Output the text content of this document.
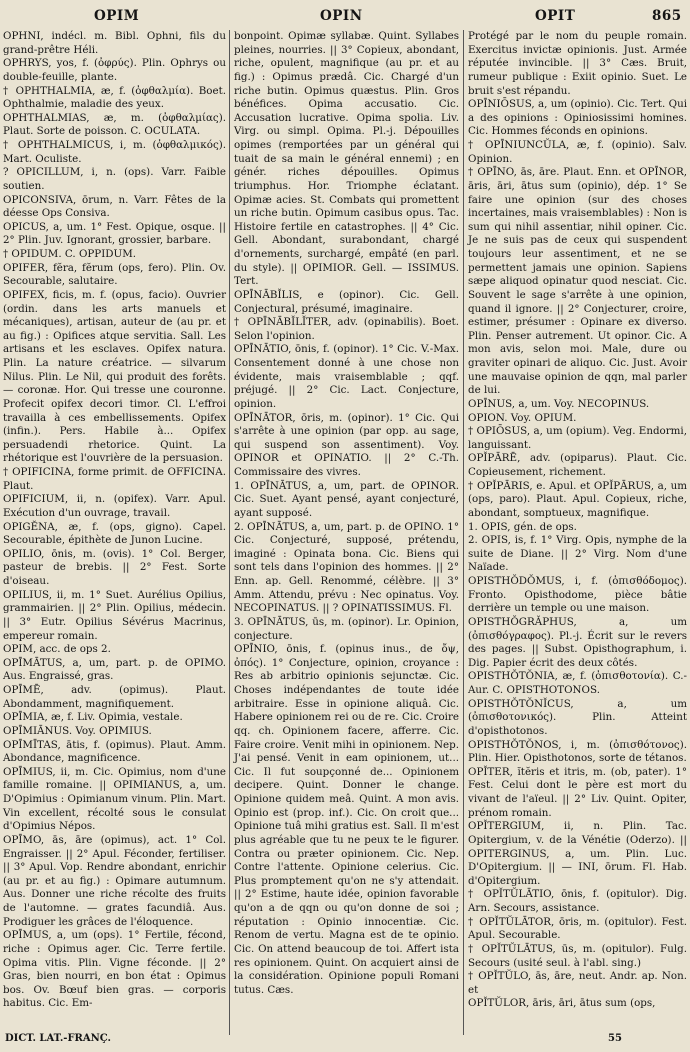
OPIM	OPIN	OPIT	865

OPHNI, indécl. m. Bibl. Ophni, fils du grand-prêtre Héli.

OPHRYS, yos, f. (ὀφρύς). Plin. Ophrys ou double-feuille, plante.

† OPHTHALMIA, æ, f. (ὀφθαλμία). Boet. Ophthalmie, maladie des yeux.

OPHTHALMIAS, æ, m. (ὀφθαλμίας). Plaut. Sorte de poisson. C. OCULATA.

† OPHTHALMICUS, i, m. (ὀφθαλμικός). Mart. Oculiste.

? OPICILLUM, i, n. (ops). Varr. Faible soutien.

OPICONSIVA, ōrum, n. Varr. Fêtes de la déesse Ops Consiva.

OPICUS, a, um. 1° Fest. Opique, osque. || 2° Plin. Juv. Ignorant, grossier, barbare.

† OPIDUM. C. OPPIDUM.

OPIFER, fĕra, fĕrum (ops, fero). Plin. Ov. Secourable, salutaire.

OPIFEX, ficis, m. f. (opus, facio). Ouvrier (ordin. dans les arts manuels et mécaniques), artisan, auteur de (au pr. et au fig.) : Opifices atque servitia. Sall. Les artisans et les esclaves. Opifex natura. Plin. La nature créatrice. — silvarum Nilus. Plin. Le Nil, qui produit des forêts. — coronæ. Hor. Qui tresse une couronne. Profecit opifex decori timor. Cl. L'effroi travailla à ces embellissements. Opifex (infin.). Pers. Habile à... Opifex persuadendi rhetorice. Quint. La rhétorique est l'ouvrière de la persuasion.

† OPIFICINA, forme primit. de OFFICINA. Plaut.

OPIFICIUM, ii, n. (opifex). Varr. Apul. Exécution d'un ouvrage, travail.

OPIGĔNA, æ, f. (ops, gigno). Capel. Secourable, épithète de Junon Lucine.

OPILIO, ōnis, m. (ovis). 1° Col. Berger, pasteur de brebis. || 2° Fest. Sorte d'oiseau.

OPILIUS, ii, m. 1° Suet. Aurélius Opilius, grammairien. || 2° Plin. Opilius, médecin. || 3° Eutr. Opilius Sévérus Macrinus, empereur romain.

OPIM, acc. de ops 2.

OPĪMĀTUS, a, um, part. p. de OPIMO. Aus. Engraissé, gras.

OPĪMĒ, adv. (opimus). Plaut. Abondamment, magnifiquement.

OPĪMIA, æ, f. Liv. Opimia, vestale.

OPĪMIĀNUS. Voy. OPIMIUS.

OPĪMĪTAS, ātis, f. (opimus). Plaut. Amm. Abondance, magnificence.

OPĪMIUS, ii, m. Cic. Opimius, nom d'une famille romaine. || OPIMIANUS, a, um. D'Opimius : Opimianum vinum. Plin. Mart. Vin excellent, récolté sous le consulat d'Opimius Népos.

OPĪMO, ās, āre (opimus), act. 1° Col. Engraisser. || 2° Apul. Féconder, fertiliser. || 3° Apul. Vop. Rendre abondant, enrichir (au pr. et au fig.) : Opimare autumnum. Aus. Donner une riche récolte des fruits de l'automne. — grates facundiâ. Aus. Prodiguer les grâces de l'éloquence.

OPĪMUS, a, um (ops). 1° Fertile, fécond, riche : Opimus ager. Cic. Terre fertile. Opima vitis. Plin. Vigne féconde. || 2° Gras, bien nourri, en bon état : Opimus bos. Ov. Bœuf bien gras. — corporis habitus. Cic. Em-

bonpoint. Opimæ syllabæ. Quint. Syllabes pleines, nourries. || 3° Copieux, abondant, riche, opulent, magnifique (au pr. et au fig.) : Opimus prædâ. Cic. Chargé d'un riche butin. Opimus quæstus. Plin. Gros bénéfices. Opima accusatio. Cic. Accusation lucrative. Opima spolia. Liv. Virg. ou simpl. Opima. Pl.-j. Dépouilles opimes (remportées par un général qui tuait de sa main le général ennemi) ; en génér. riches dépouilles. Opimus triumphus. Hor. Triomphe éclatant. Opimæ acies. St. Combats qui promettent un riche butin. Opimum casibus opus. Tac. Histoire fertile en catastrophes. || 4° Cic. Gell. Abondant, surabondant, chargé d'ornements, surchargé, empâté (en parl. du style). || OPIMIOR. Gell. — ISSIMUS. Tert.

OPĪNĀBĬLIS, e (opinor). Cic. Gell. Conjectural, présumé, imaginaire.

† OPĪNĀBĬLĬTER, adv. (opinabilis). Boet. Selon l'opinion.

OPĪNĀTIO, ōnis, f. (opinor). 1° Cic. V.-Max. Consentement donné à une chose non évidente, mais vraisemblable ; qqf. préjugé. || 2° Cic. Lact. Conjecture, opinion.

OPĪNĀTOR, ōris, m. (opinor). 1° Cic. Qui s'arrête à une opinion (par opp. au sage, qui suspend son assentiment). Voy. OPINOR et OPINATIO. || 2° C.-Th. Commissaire des vivres.

1. OPĪNĀTUS, a, um, part. de OPINOR. Cic. Suet. Ayant pensé, ayant conjecturé, ayant supposé.

2. OPĪNĀTUS, a, um, part. p. de OPINO. 1° Cic. Conjecturé, supposé, prétendu, imaginé : Opinata bona. Cic. Biens qui sont tels dans l'opinion des hommes. || 2° Enn. ap. Gell. Renommé, célèbre. || 3° Amm. Attendu, prévu : Nec opinatus. Voy. NECOPINATUS. || ? OPINATISSIMUS. Fl.

3. OPĪNĀTUS, ūs, m. (opinor). Lr. Opinion, conjecture.

OPĪNIO, ōnis, f. (opinus inus., de ὄψ, ὀπός). 1° Conjecture, opinion, croyance : Res ab arbitrio opinionis sejunctæ. Cic. Choses indépendantes de toute idée arbitraire. Esse in opinione aliquâ. Cic. Habere opinionem rei ou de re. Cic. Croire qq. ch. Opinionem facere, afferre. Cic. Faire croire. Venit mihi in opinionem. Nep. J'ai pensé. Venit in eam opinionem, ut... Cic. Il fut soupçonné de... Opinionem decipere. Quint. Donner le change. Opinione quidem meâ. Quint. A mon avis. Opinio est (prop. inf.). Cic. On croit que... Opinione tuâ mihi gratius est. Sall. Il m'est plus agréable que tu ne peux te le figurer. Contra ou præter opinionem. Cic. Nep. Contre l'attente. Opinione celerius. Cic. Plus promptement qu'on ne s'y attendait. || 2° Estime, haute idée, opinion favorable qu'on a de qqn ou qu'on donne de soi ; réputation : Opinio innocentiæ. Cic. Renom de vertu. Magna est de te opinio. Cic. On attend beaucoup de toi. Affert ista res opinionem. Quint. On acquiert ainsi de la considération. Opinione populi Romani tutus. Cæs.

Protégé par le nom du peuple romain. Exercitus invictæ opinionis. Just. Armée réputée invincible. || 3° Cæs. Bruit, rumeur publique : Exiit opinio. Suet. Le bruit s'est répandu.

OPĪNIŌSUS, a, um (opinio). Cic. Tert. Qui a des opinions : Opiniosissimi homines. Cic. Hommes féconds en opinions.

† OPĪNIUNCŬLA, æ, f. (opinio). Salv. Opinion.

† OPĪNO, ās, āre. Plaut. Enn. et OPĪNOR, āris, āri, ātus sum (opinio), dép. 1° Se faire une opinion (sur des choses incertaines, mais vraisemblables) : Non is sum qui nihil assentiar, nihil opiner. Cic. Je ne suis pas de ceux qui suspendent toujours leur assentiment, et ne se permettent jamais une opinion. Sapiens sæpe aliquod opinatur quod nesciat. Cic. Souvent le sage s'arrête à une opinion, quand il ignore. || 2° Conjecturer, croire, estimer, présumer : Opinare ex diverso. Plin. Penser autrement. Ut opinor. Cic. A mon avis, selon moi. Male, dure ou graviter opinari de aliquo. Cic. Just. Avoir une mauvaise opinion de qqn, mal parler de lui.

OPĪNUS, a, um. Voy. NECOPINUS.

OPION. Voy. OPIUM.

† OPIŌSUS, a, um (opium). Veg. Endormi, languissant.

OPĬPĀRĒ, adv. (opiparus). Plaut. Cic. Copieusement, richement.

† OPĬPĀRIS, e. Apul. et OPĬPĀRUS, a, um (ops, paro). Plaut. Apul. Copieux, riche, abondant, somptueux, magnifique.

1. OPIS, gén. de ops.

2. OPIS, is, f. 1° Virg. Opis, nymphe de la suite de Diane. || 2° Virg. Nom d'une Naïade.

OPISTHŎDŎMUS, i, f. (ὀπισθόδομος). Fronto. Opisthodome, pièce bâtie derrière un temple ou une maison.

OPISTHŎGRĂPHUS, a, um (ὀπισθόγραφος). Pl.-j. Écrit sur le revers des pages. || Subst. Opisthographum, i. Dig. Papier écrit des deux côtés.

OPISTHŎTŎNIA, æ, f. (ὀπισθοτονία). C.-Aur. C. OPISTHOTONOS.

OPISTHŎTŎNĬCUS, a, um (ὀπισθοτονικός). Plin. Atteint d'opisthotonos.

OPISTHŎTŎNOS, i, m. (ὀπισθότονος). Plin. Hier. Opisthotonos, sorte de tétanos.

OPĬTER, ĭtĕris et itris, m. (ob, pater). 1° Fest. Celui dont le père est mort du vivant de l'aïeul. || 2° Liv. Quint. Opiter, prénom romain.

OPĬTERGIUM, ii, n. Plin. Tac. Opitergium, v. de la Vénétie (Oderzo). || OPITERGINUS, a, um. Plin. Luc. D'Opitergium. || — INI, ōrum. Fl. Hab. d'Opitergium.

† OPĬTŬLĀTIO, ōnis, f. (opitulor). Dig. Arn. Secours, assistance.

† OPĬTŬLĀTOR, ōris, m. (opitulor). Fest. Apul. Secourable.

† OPĬTŬLĀTUS, ūs, m. (opitulor). Fulg. Secours (usité seul. à l'abl. sing.)

† OPĬTŬLO, ās, āre, neut. Andr. ap. Non. et

OPĬTŬLOR, āris, āri, ātus sum (ops,

DICT. LAT.-FRANÇ.	55
